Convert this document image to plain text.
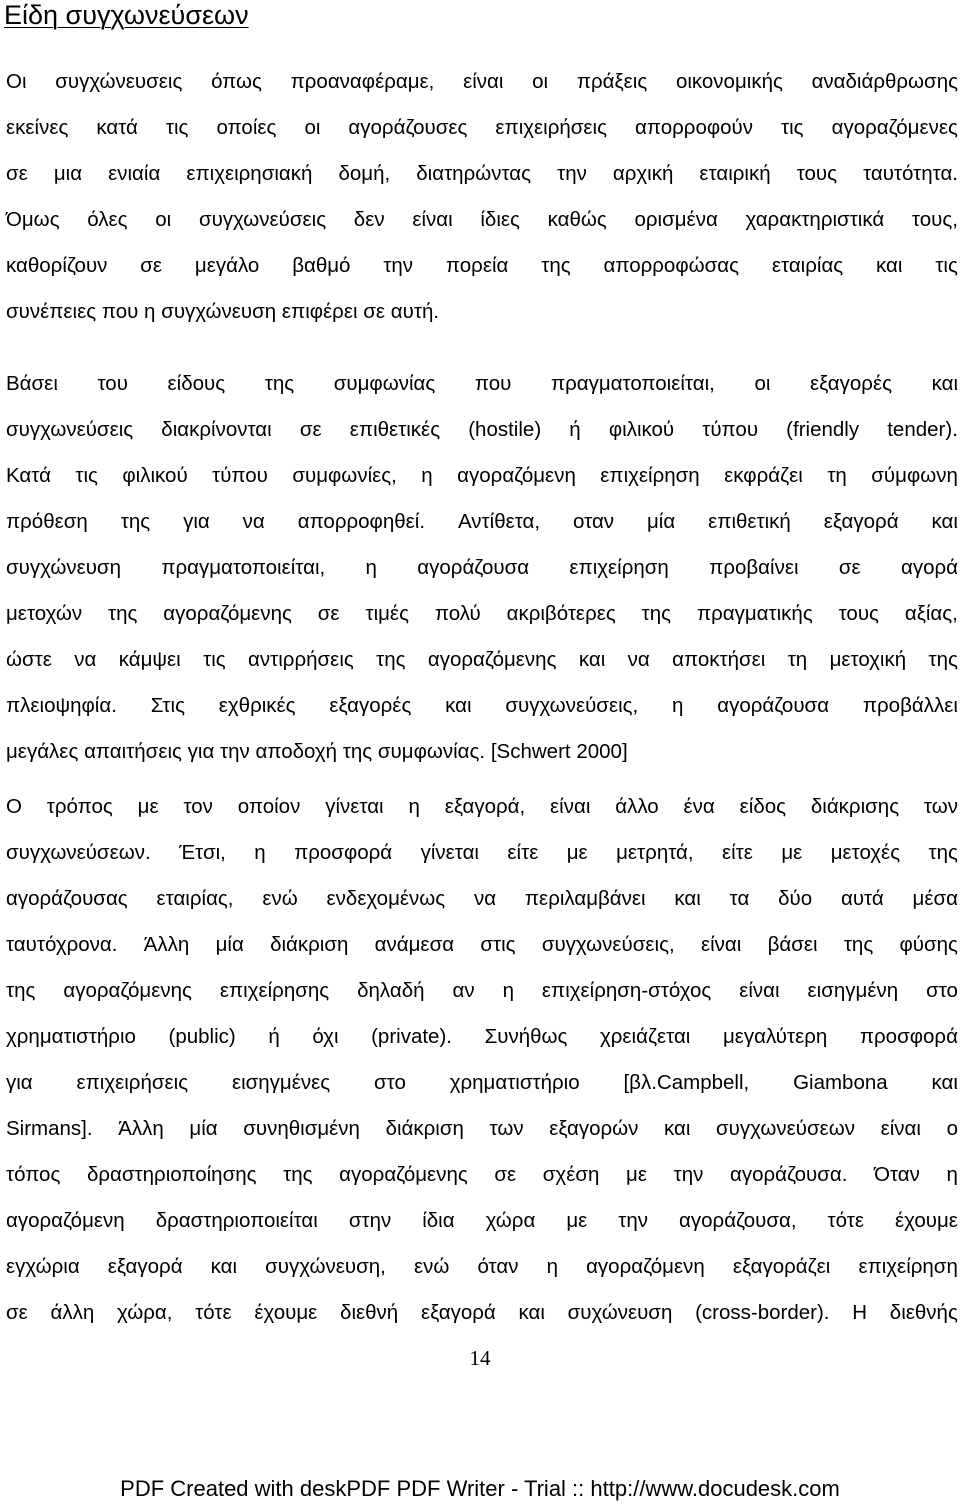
Είδη συγχωνεύσεων
Οι συγχώνευσεις όπως προαναφέραμε, είναι οι πράξεις οικονομικής αναδιάρθρωσης
εκείνες κατά τις οποίες οι αγοράζουσες επιχειρήσεις απορροφούν τις αγοραζόμενες
σε μια ενιαία επιχειρησιακή δομή, διατηρώντας την αρχική εταιρική τους ταυτότητα.
Όμως όλες οι συγχωνεύσεις δεν είναι ίδιες καθώς ορισμένα χαρακτηριστικά τους,
καθορίζουν σε μεγάλο βαθμό την πορεία της απορροφώσας εταιρίας και τις
συνέπειες που η συγχώνευση επιφέρει σε αυτή.
Βάσει του είδους της συμφωνίας που πραγματοποιείται, οι εξαγορές και
συγχωνεύσεις διακρίνονται σε επιθετικές (hostile) ή φιλικού τύπου (friendly tender).
Κατά τις φιλικού τύπου συμφωνίες, η αγοραζόμενη επιχείρηση εκφράζει τη σύμφωνη
πρόθεση της για να απορροφηθεί. Αντίθετα, οταν μία επιθετική εξαγορά και
συγχώνευση πραγματοποιείται, η αγοράζουσα επιχείρηση προβαίνει σε αγορά
μετοχών της αγοραζόμενης σε τιμές πολύ ακριβότερες της πραγματικής τους αξίας,
ώστε να κάμψει τις αντιρρήσεις της αγοραζόμενης και να αποκτήσει τη μετοχική της
πλειοψηφία. Στις εχθρικές εξαγορές και συγχωνεύσεις, η αγοράζουσα προβάλλει
μεγάλες απαιτήσεις για την αποδοχή της συμφωνίας. [Schwert 2000]
Ο τρόπος με τον οποίον γίνεται η εξαγορά, είναι άλλο ένα είδος διάκρισης των
συγχωνεύσεων. Έτσι, η προσφορά γίνεται είτε με μετρητά, είτε με μετοχές της
αγοράζουσας εταιρίας, ενώ ενδεχομένως να περιλαμβάνει και τα δύο αυτά μέσα
ταυτόχρονα. Άλλη μία διάκριση ανάμεσα στις συγχωνεύσεις, είναι βάσει της φύσης
της αγοραζόμενης επιχείρησης δηλαδή αν η επιχείρηση-στόχος είναι εισηγμένη στο
χρηματιστήριο (public) ή όχι (private). Συνήθως χρειάζεται μεγαλύτερη προσφορά
για επιχειρήσεις εισηγμένες στο χρηματιστήριο [βλ.Campbell, Giambona και
Sirmans]. Άλλη μία συνηθισμένη διάκριση των εξαγορών και συγχωνεύσεων είναι ο
τόπος δραστηριοποίησης της αγοραζόμενης σε σχέση με την αγοράζουσα. Όταν η
αγοραζόμενη δραστηριοποιείται στην ίδια χώρα με την αγοράζουσα, τότε έχουμε
εγχώρια εξαγορά και συγχώνευση, ενώ όταν η αγοραζόμενη εξαγοράζει επιχείρηση
σε άλλη χώρα, τότε έχουμε διεθνή εξαγορά και συχώνευση (cross-border). Η διεθνής
14
PDF Created with deskPDF PDF Writer - Trial :: http://www.docudesk.com
